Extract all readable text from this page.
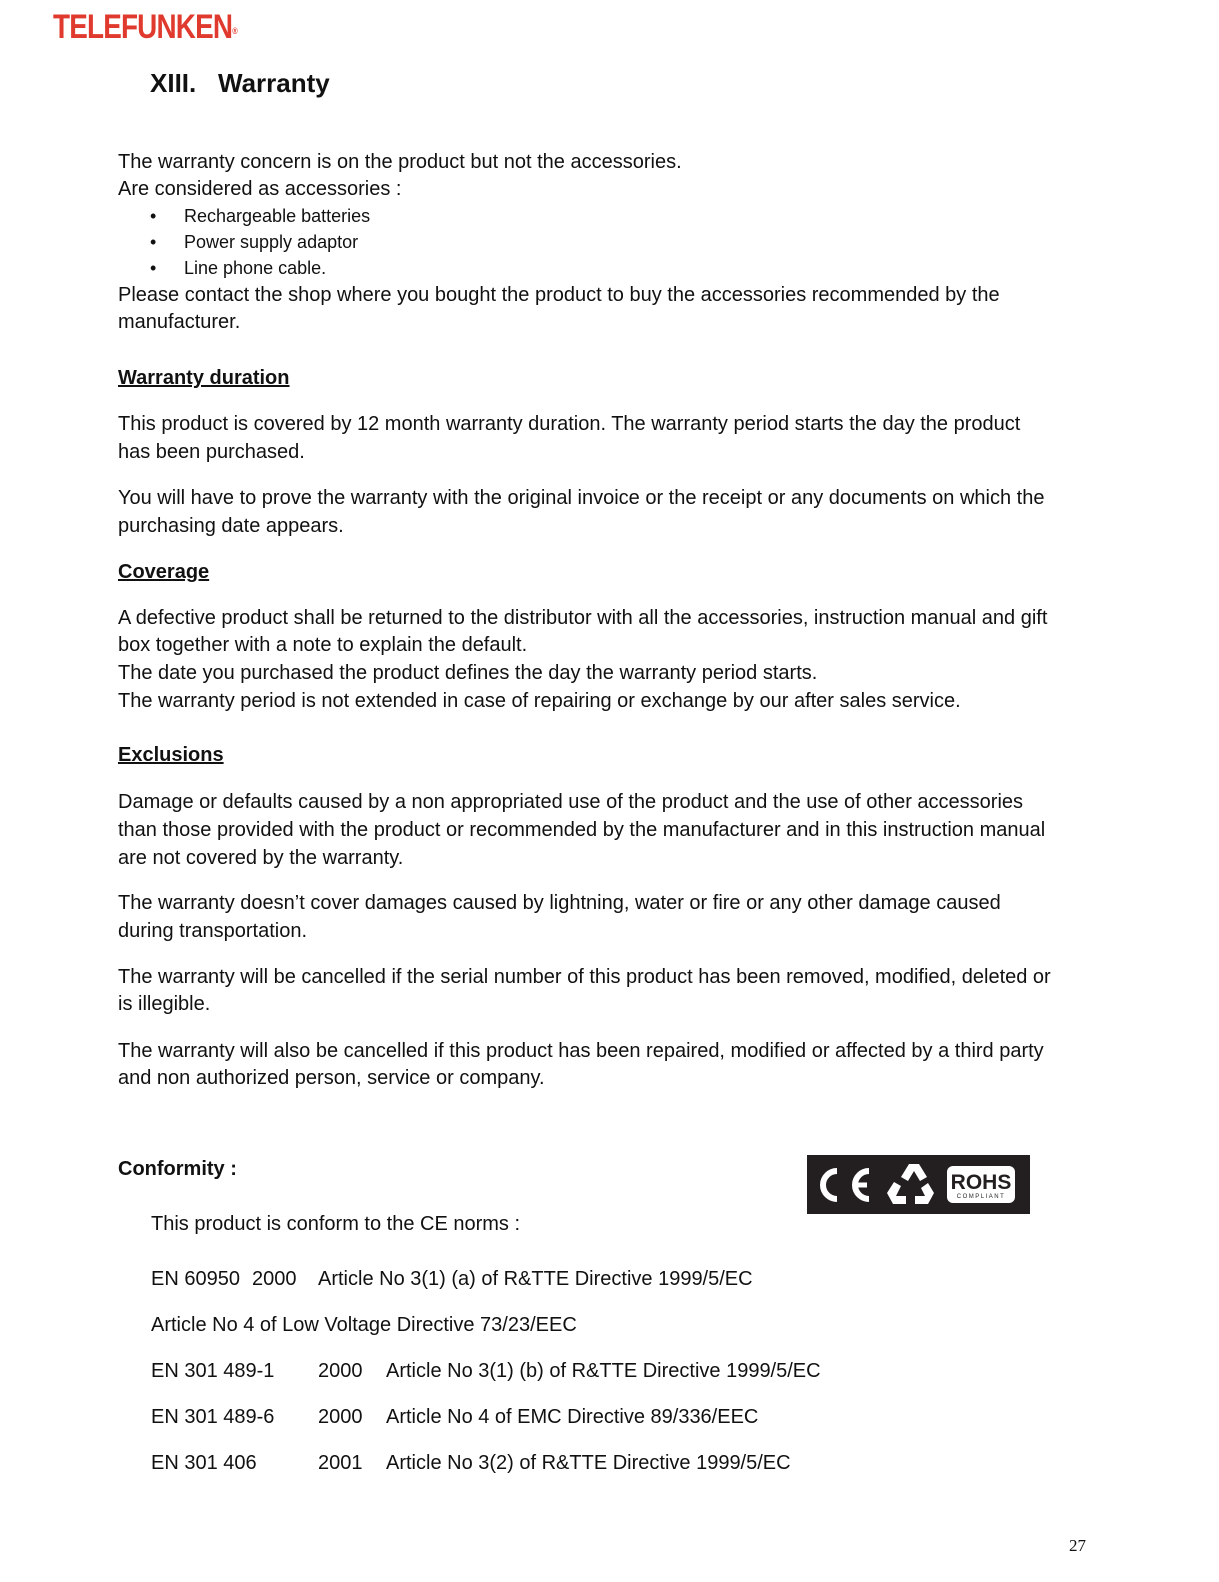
TELEFUNKEN®
XIII. Warranty
The warranty concern is on the product but not the accessories.
Are considered as accessories :
• Rechargeable batteries
• Power supply adaptor
• Line phone cable.
Please contact the shop where you bought the product to buy the accessories recommended by the
manufacturer.
Warranty duration
This product is covered by 12 month warranty duration. The warranty period starts the day the product
has been purchased.
You will have to prove the warranty with the original invoice or the receipt or any documents on which the
purchasing date appears.
Coverage
A defective product shall be returned to the distributor with all the accessories, instruction manual and gift
box together with a note to explain the default.
The date you purchased the product defines the day the warranty period starts.
The warranty period is not extended in case of repairing or exchange by our after sales service.
Exclusions
Damage or defaults caused by a non appropriated use of the product and the use of other accessories
than those provided with the product or recommended by the manufacturer and in this instruction manual
are not covered by the warranty.
The warranty doesn’t cover damages caused by lightning, water or fire or any other damage caused
during transportation.
The warranty will be cancelled if the serial number of this product has been removed, modified, deleted or
is illegible.
The warranty will also be cancelled if this product has been repaired, modified or affected by a third party
and non authorized person, service or company.
Conformity :
ROHS
COMPLIANT
This product is conform to the CE norms :
EN 60950 2000 Article No 3(1) (a) of R&TTE Directive 1999/5/EC
Article No 4 of Low Voltage Directive 73/23/EEC
EN 301 489-1 2000 Article No 3(1) (b) of R&TTE Directive 1999/5/EC
EN 301 489-6 2000 Article No 4 of EMC Directive 89/336/EEC
EN 301 406	2001 Article No 3(2) of R&TTE Directive 1999/5/EC
27
